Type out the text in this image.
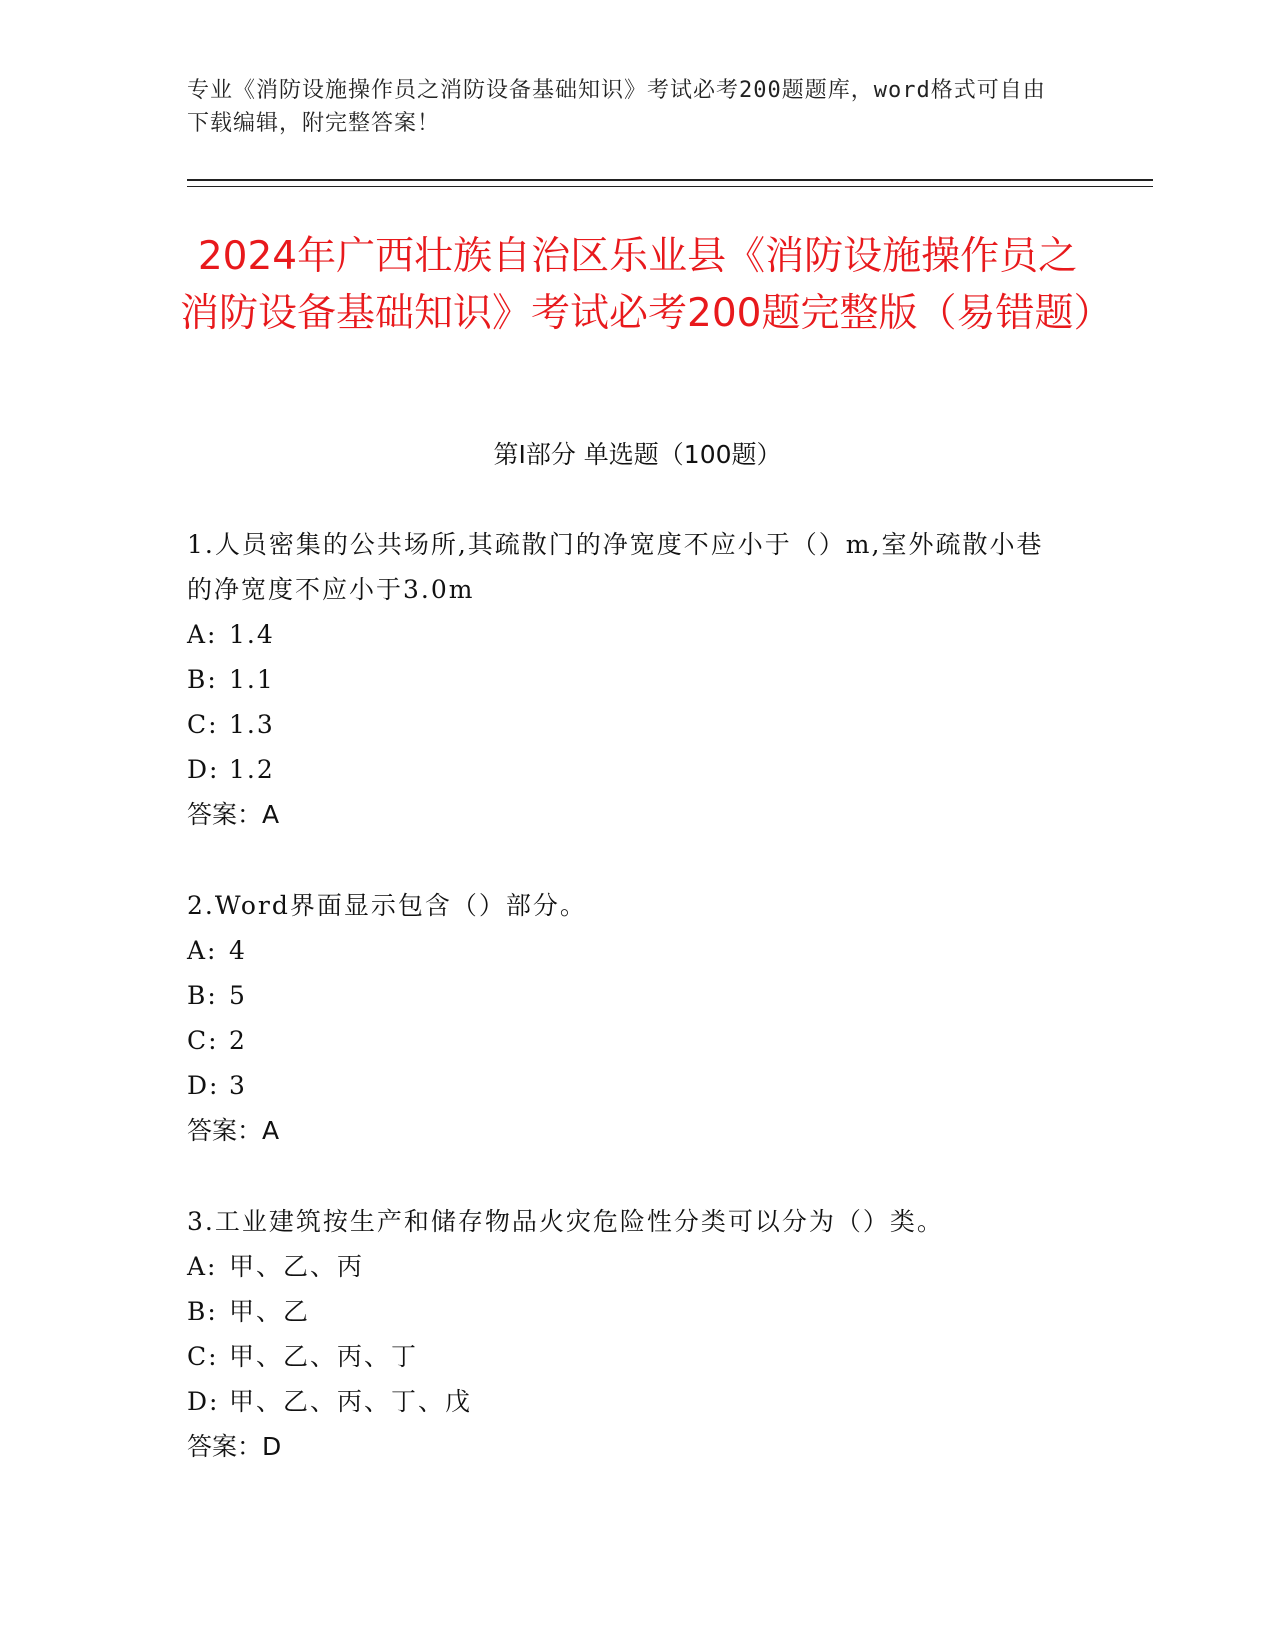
专业《消防设施操作员之消防设备基础知识》考试必考200题题库，word格式可自由下载编辑，附完整答案！
2024年广西壮族自治区乐业县《消防设施操作员之消防设备基础知识》考试必考200题完整版（易错题）
第I部分 单选题（100题）

1.人员密集的公共场所,其疏散门的净宽度不应小于（）m,室外疏散小巷的净宽度不应小于3.0m

A: 1.4

B: 1.1

C: 1.3

D: 1.2

答案：A

2.Word界面显示包含（）部分。

A: 4

B: 5

C: 2

D: 3

答案：A

3.工业建筑按生产和储存物品火灾危险性分类可以分为（）类。

A: 甲、乙、丙

B: 甲、乙

C: 甲、乙、丙、丁

D: 甲、乙、丙、丁、戊

答案：D
